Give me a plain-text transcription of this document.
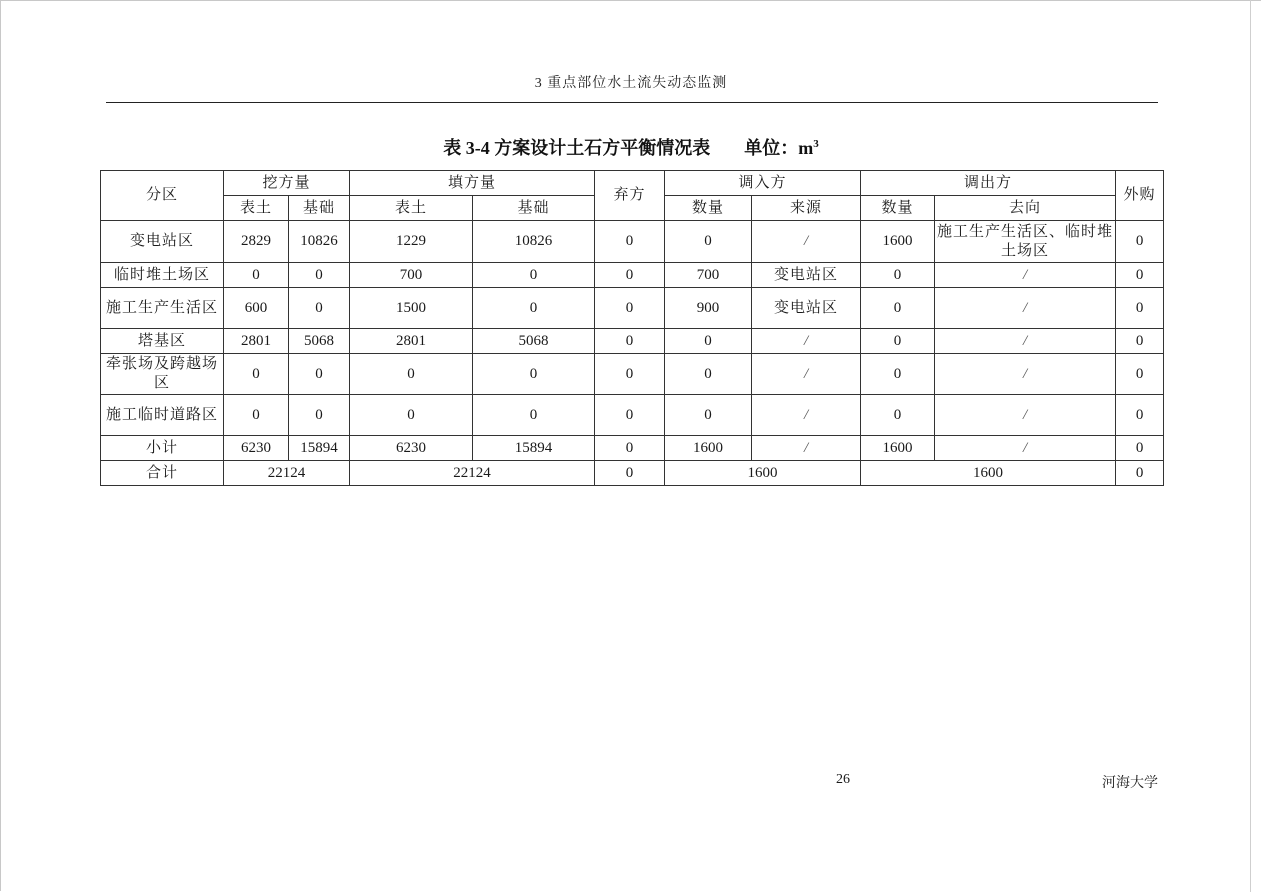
3 重点部位水土流失动态监测
表 3-4 方案设计土石方平衡情况表 单位：$m^3$
分区	挖方量		填方量		弃方	调入方		调出方		外购
	表土	基础	表土	基础		数量	来源	数量	去向	
变电站区	2829	10826	1229	10826	0	0	/	1600	施工生产生活区、临时堆土场区	0
临时堆土场区	0	0	700	0	0	700	变电站区	0	/	0
施工生产生活区	600	0	1500	0	0	900	变电站区	0	/	0
塔基区	2801	5068	2801	5068	0	0	/	0	/	0
牵张场及跨越场区	0	0	0	0	0	0	/	0	/	0
施工临时道路区	0	0	0	0	0	0	/	0	/	0
小计	6230	15894	6230	15894	0	1600	/	1600	/	0
合计	22124		22124		0	1600		1600		0
26	河海大学
